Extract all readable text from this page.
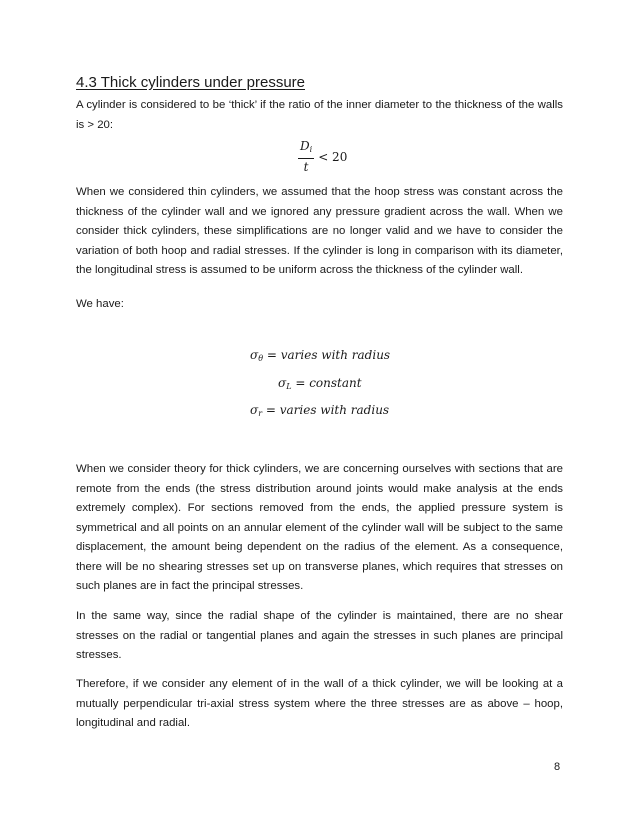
4.3 Thick cylinders under pressure

A cylinder is considered to be ‘thick’ if the ratio of the inner diameter to the thickness of the walls is > 20:

$\frac{D_i}{t} < 20$

When we considered thin cylinders, we assumed that the hoop stress was constant across the thickness of the cylinder wall and we ignored any pressure gradient across the wall. When we consider thick cylinders, these simplifications are no longer valid and we have to consider the variation of both hoop and radial stresses. If the cylinder is long in comparison with its diameter, the longitudinal stress is assumed to be uniform across the thickness of the cylinder wall.

We have:

$\sigma_\theta$ = varies with radius
$\sigma_L$ = constant
$\sigma_r$ = varies with radius

When we consider theory for thick cylinders, we are concerning ourselves with sections that are remote from the ends (the stress distribution around joints would make analysis at the ends extremely complex). For sections removed from the ends, the applied pressure system is symmetrical and all points on an annular element of the cylinder wall will be subject to the same displacement, the amount being dependent on the radius of the element. As a consequence, there will be no shearing stresses set up on transverse planes, which requires that stresses on such planes are in fact the principal stresses.

In the same way, since the radial shape of the cylinder is maintained, there are no shear stresses on the radial or tangential planes and again the stresses in such planes are principal stresses.

Therefore, if we consider any element of in the wall of a thick cylinder, we will be looking at a mutually perpendicular tri-axial stress system where the three stresses are as above – hoop, longitudinal and radial.

8
